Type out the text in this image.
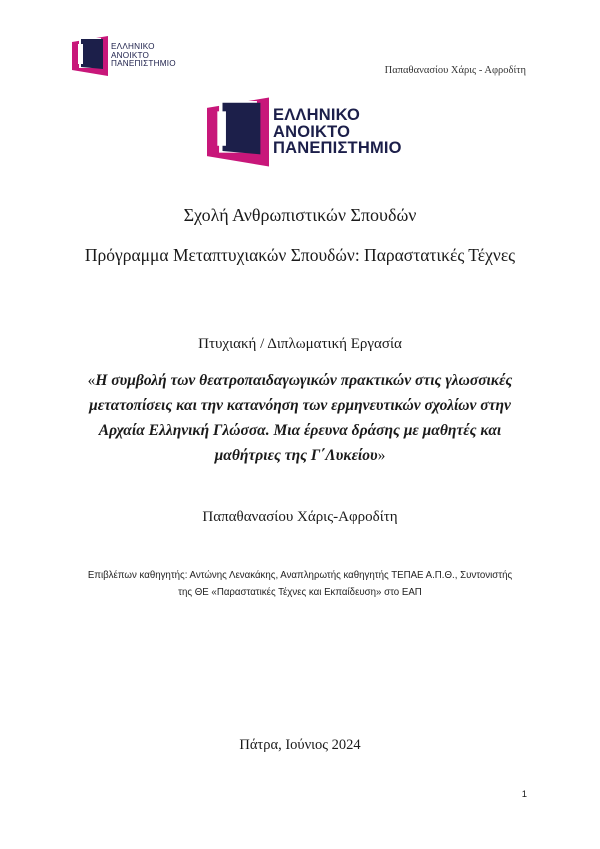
ΕΛΛΗΝΙΚΟ
ΑΝΟΙΚΤΟ
ΠΑΝΕΠΙΣΤΗΜΙΟ
Παπαθανασίου Χάρις - Αφροδίτη
ΕΛΛΗΝΙΚΟ
ΑΝΟΙΚΤΟ
ΠΑΝΕΠΙΣΤΗΜΙΟ
Σχολή Ανθρωπιστικών Σπουδών
Πρόγραμμα Μεταπτυχιακών Σπουδών: Παραστατικές Τέχνες
Πτυχιακή / Διπλωματική Εργασία
«Η συμβολή των θεατροπαιδαγωγικών πρακτικών στις γλωσσικές
μετατοπίσεις και την κατανόηση των ερμηνευτικών σχολίων στην
Αρχαία Ελληνική Γλώσσα. Μια έρευνα δράσης με μαθητές και
μαθήτριες της Γ΄Λυκείου»
Παπαθανασίου Χάρις-Αφροδίτη
Επιβλέπων καθηγητής: Αντώνης Λενακάκης, Αναπληρωτής καθηγητής ΤΕΠΑΕ Α.Π.Θ., Συντονιστής
της ΘΕ «Παραστατικές Τέχνες και Εκπαίδευση» στο ΕΑΠ
Πάτρα, Ιούνιος 2024
1
